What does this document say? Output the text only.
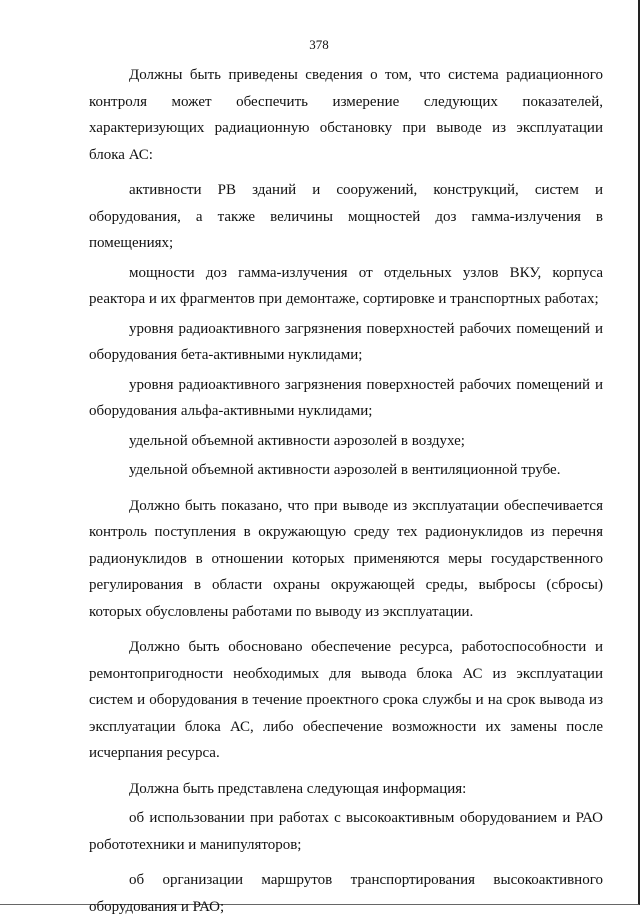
378

Должны быть приведены сведения о том, что система радиационного контроля может обеспечить измерение следующих показателей, характеризующих радиационную обстановку при выводе из эксплуатации блока АС:

активности РВ зданий и сооружений, конструкций, систем и оборудования, а также величины мощностей доз гамма-излучения в помещениях;

мощности доз гамма-излучения от отдельных узлов ВКУ, корпуса реактора и их фрагментов при демонтаже, сортировке и транспортных работах;

уровня радиоактивного загрязнения поверхностей рабочих помещений и оборудования бета-активными нуклидами;

уровня радиоактивного загрязнения поверхностей рабочих помещений и оборудования альфа-активными нуклидами;

удельной объемной активности аэрозолей в воздухе;

удельной объемной активности аэрозолей в вентиляционной трубе.

Должно быть показано, что при выводе из эксплуатации обеспечивается контроль поступления в окружающую среду тех радионуклидов из перечня радионуклидов в отношении которых применяются меры государственного регулирования в области охраны окружающей среды, выбросы (сбросы) которых обусловлены работами по выводу из эксплуатации.

Должно быть обосновано обеспечение ресурса, работоспособности и ремонтопригодности необходимых для вывода блока АС из эксплуатации систем и оборудования в течение проектного срока службы и на срок вывода из эксплуатации блока АС, либо обеспечение возможности их замены после исчерпания ресурса.

Должна быть представлена следующая информация:

об использовании при работах с высокоактивным оборудованием и РАО робототехники и манипуляторов;

об организации маршрутов транспортирования высокоактивного оборудования и РАО;
